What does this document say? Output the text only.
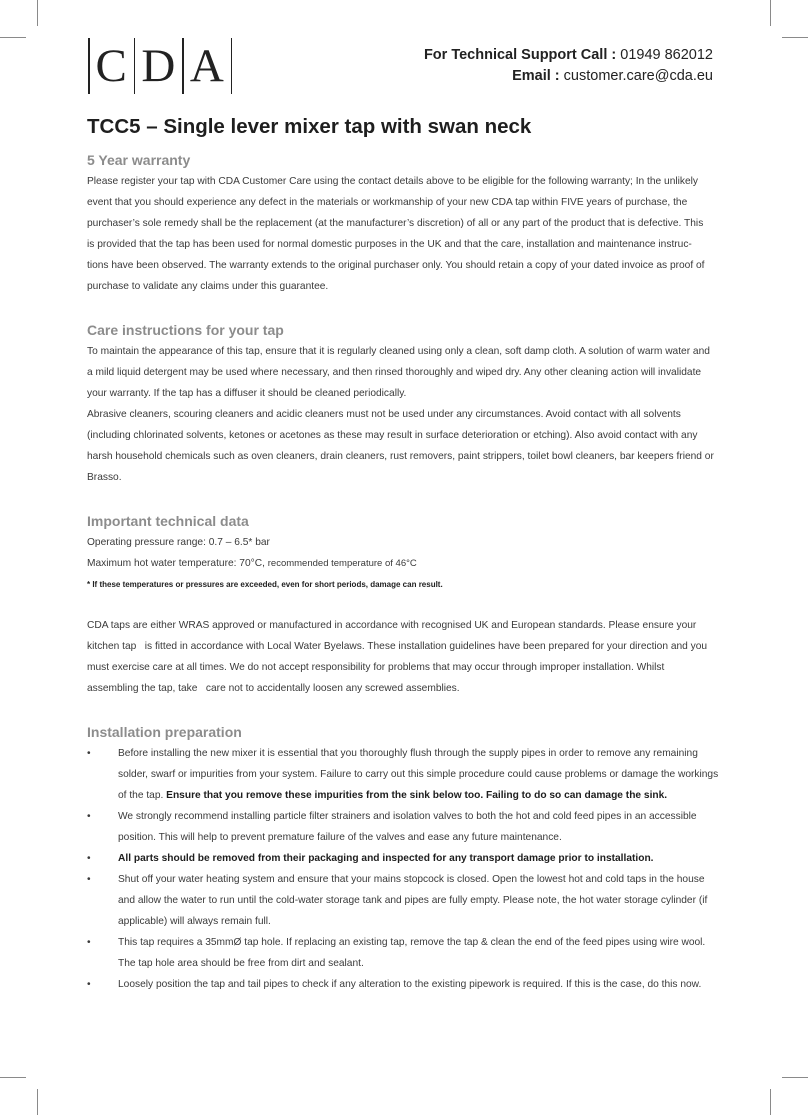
C D A	For Technical Support Call : 01949 862012
Email : customer.care@cda.eu
TCC5 – Single lever mixer tap with swan neck
5 Year warranty

Please register your tap with CDA Customer Care using the contact details above to be eligible for the following warranty; In the unlikely

event that you should experience any defect in the materials or workmanship of your new CDA tap within FIVE years of purchase, the

purchaser’s sole remedy shall be the replacement (at the manufacturer’s discretion) of all or any part of the product that is defective. This

is provided that the tap has been used for normal domestic purposes in the UK and that the care, installation and maintenance instruc-

tions have been observed. The warranty extends to the original purchaser only. You should retain a copy of your dated invoice as proof of

purchase to validate any claims under this guarantee.

Care instructions for your tap

To maintain the appearance of this tap, ensure that it is regularly cleaned using only a clean, soft damp cloth. A solution of warm water and

a mild liquid detergent may be used where necessary, and then rinsed thoroughly and wiped dry. Any other cleaning action will invalidate

your warranty. If the tap has a diffuser it should be cleaned periodically.

Abrasive cleaners, scouring cleaners and acidic cleaners must not be used under any circumstances. Avoid contact with all solvents

(including chlorinated solvents, ketones or acetones as these may result in surface deterioration or etching). Also avoid contact with any

harsh household chemicals such as oven cleaners, drain cleaners, rust removers, paint strippers, toilet bowl cleaners, bar keepers friend or

Brasso.

Important technical data

Operating pressure range: 0.7 – 6.5* bar

Maximum hot water temperature: 70°C, recommended temperature of 46°C

* If these temperatures or pressures are exceeded, even for short periods, damage can result.

CDA taps are either WRAS approved or manufactured in accordance with recognised UK and European standards. Please ensure your

kitchen tap   is fitted in accordance with Local Water Byelaws. These installation guidelines have been prepared for your direction and you

must exercise care at all times. We do not accept responsibility for problems that may occur through improper installation. Whilst

assembling the tap, take   care not to accidentally loosen any screwed assemblies.

Installation preparation
•	Before installing the new mixer it is essential that you thoroughly flush through the supply pipes in order to remove any remaining
solder, swarf or impurities from your system. Failure to carry out this simple procedure could cause problems or damage the workings
of the tap. Ensure that you remove these impurities from the sink below too. Failing to do so can damage the sink.
•	We strongly recommend installing particle filter strainers and isolation valves to both the hot and cold feed pipes in an accessible
position. This will help to prevent premature failure of the valves and ease any future maintenance.
•	All parts should be removed from their packaging and inspected for any transport damage prior to installation.
•	Shut off your water heating system and ensure that your mains stopcock is closed. Open the lowest hot and cold taps in the house
and allow the water to run until the cold-water storage tank and pipes are fully empty. Please note, the hot water storage cylinder (if
applicable) will always remain full.
•	This tap requires a 35mmØ tap hole. If replacing an existing tap, remove the tap & clean the end of the feed pipes using wire wool.
The tap hole area should be free from dirt and sealant.
•	Loosely position the tap and tail pipes to check if any alteration to the existing pipework is required. If this is the case, do this now.
